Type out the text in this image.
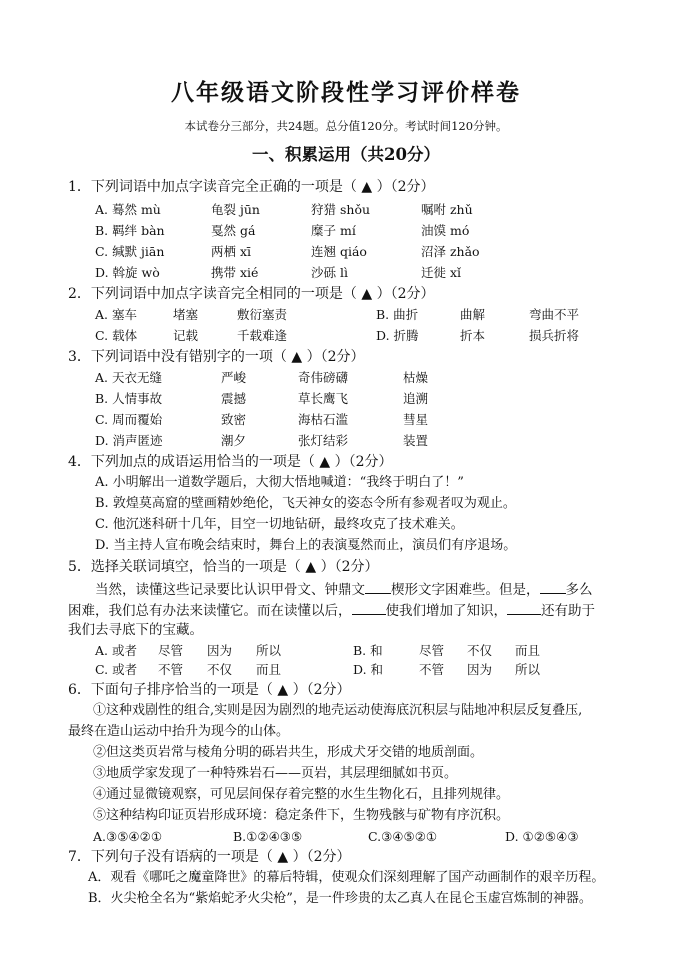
八年级语文阶段性学习评价样卷
本试卷分三部分，共24题。总分值120分。考试时间120分钟。
一、积累运用（共20分）
1．下列词语中加点字读音完全正确的一项是（ ▲ ）（2分）
A. 蓦然 mù	龟裂 jūn	狩猎 shǒu	嘱咐 zhǔ
B. 羁绊 bàn	戛然 gá	糜子 mí	油馍 mó
C. 缄默 jiān	两栖 xī	连翘 qiáo	沼泽 zhǎo
D. 斡旋 wò	携带 xié	沙砾 lì	迁徙 xǐ
2．下列词语中加点字读音完全相同的一项是（ ▲ ）（2分）
A. 塞车	堵塞	敷衍塞责	B. 曲折	曲解	弯曲不平
C. 载体	记载	千载难逢	D. 折腾	折本	损兵折将
3．下列词语中没有错别字的一项（ ▲ ）（2分）
A. 天衣无缝	严峻	奇伟磅礴	枯燥
B. 人情事故	震撼	草长鹰飞	追溯
C. 周而覆始	致密	海枯石滥	彗星
D. 消声匿迹	潮夕	张灯结彩	装置
4．下列加点的成语运用恰当的一项是（ ▲ ）（2分）
A. 小明解出一道数学题后，大彻大悟地喊道：“我终于明白了！”
B. 敦煌莫高窟的壁画精妙绝伦，飞天神女的姿态令所有参观者叹为观止。
C. 他沉迷科研十几年，目空一切地钻研，最终攻克了技术难关。
D. 当主持人宣布晚会结束时，舞台上的表演戛然而止，演员们有序退场。
5．选择关联词填空，恰当的一项是（ ▲ ）（2分）
当然，读懂这些记录要比认识甲骨文、钟鼎文 楔形文字困难些。但是， 多么
困难，我们总有办法来读懂它。而在读懂以后，	使我们增加了知识，	还有助于
我们去寻底下的宝藏。
A. 或者 尽管 因为 所以	B. 和	尽管 不仅 而且
C. 或者 不管 不仅 而且	D. 和	不管 因为 所以
6．下面句子排序恰当的一项是（ ▲ ）（2分）
①这种戏剧性的组合,实则是因为剧烈的地壳运动使海底沉积层与陆地冲积层反复叠压,
最终在造山运动中抬升为现今的山体。
②但这类页岩常与棱角分明的砾岩共生，形成犬牙交错的地质剖面。
③地质学家发现了一种特殊岩石——页岩，其层理细腻如书页。
④通过显微镜观察，可见层间保存着完整的水生生物化石，且排列规律。
⑤这种结构印证页岩形成环境：稳定条件下，生物残骸与矿物有序沉积。
A.③⑤④②①	B.①②④③⑤	C.③④⑤②①	D. ①②⑤④③
7．下列句子没有语病的一项是（ ▲ ）（2分）
A．观看《哪吒之魔童降世》的幕后特辑，使观众们深刻理解了国产动画制作的艰辛历程。
B．火尖枪全名为“紫焰蛇矛火尖枪”，是一件珍贵的太乙真人在昆仑玉虚宫炼制的神器。
